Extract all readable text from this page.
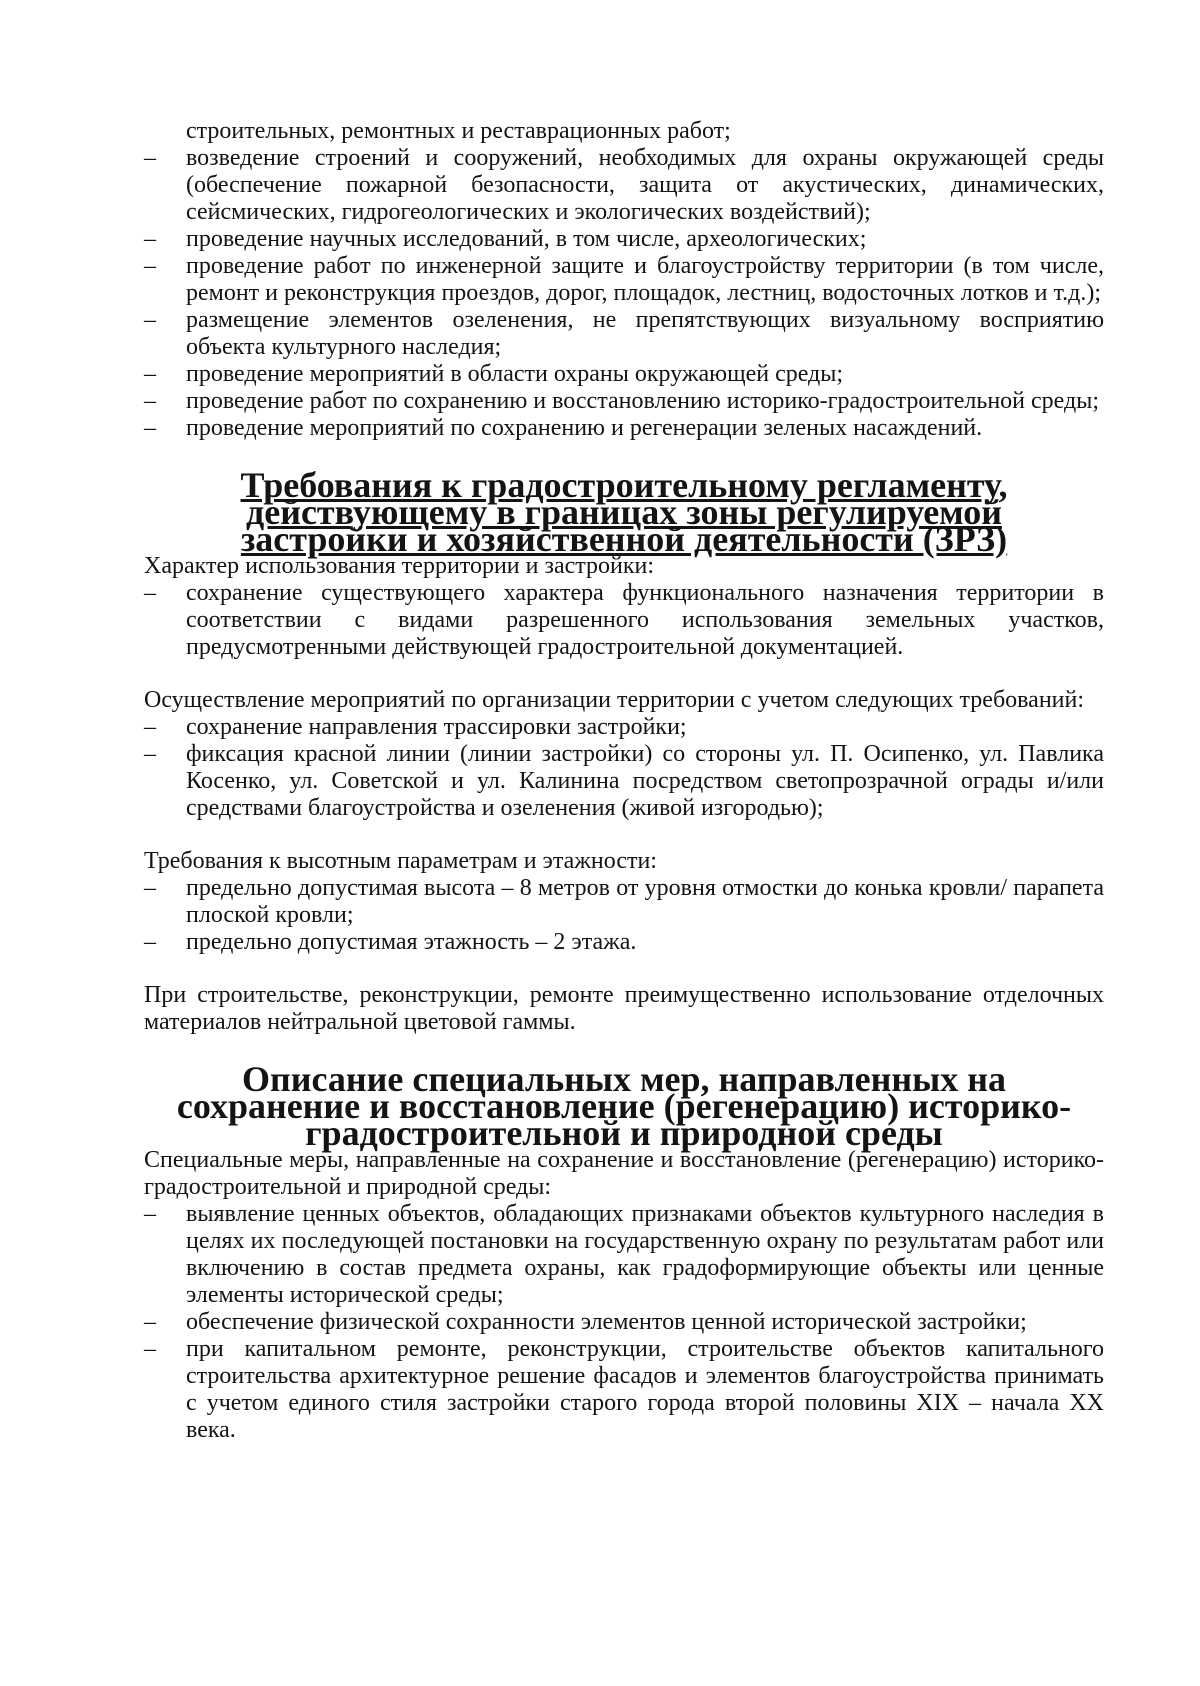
строительных, ремонтных и реставрационных работ;
– возведение строений и сооружений, необходимых для охраны окружающей среды (обеспечение пожарной безопасности, защита от акустических, динамических, сейсмических, гидрогеологических и экологических воздействий);
– проведение научных исследований, в том числе, археологических;
– проведение работ по инженерной защите и благоустройству территории (в том числе, ремонт и реконструкция проездов, дорог, площадок, лестниц, водосточных лотков и т.д.);
– размещение элементов озеленения, не препятствующих визуальному восприятию объекта культурного наследия;
– проведение мероприятий в области охраны окружающей среды;
– проведение работ по сохранению и восстановлению историко-градостроительной среды;
– проведение мероприятий по сохранению и регенерации зеленых насаждений.
Требования к градостроительному регламенту, действующему в границах зоны регулируемой застройки и хозяйственной деятельности (ЗРЗ)

Характер использования территории и застройки:

– сохранение существующего характера функционального назначения территории в соответствии с видами разрешенного использования земельных участков, предусмотренными действующей градостроительной документацией.

Осуществление мероприятий по организации территории с учетом следующих требований:

– сохранение направления трассировки застройки;
– фиксация красной линии (линии застройки) со стороны ул. П. Осипенко, ул. Павлика Косенко, ул. Советской и ул. Калинина посредством светопрозрачной ограды и/или средствами благоустройства и озеленения (живой изгородью);

Требования к высотным параметрам и этажности:

– предельно допустимая высота – 8 метров от уровня отмостки до конька кровли/ парапета плоской кровли;
– предельно допустимая этажность – 2 этажа.

При строительстве, реконструкции, ремонте преимущественно использование отделочных материалов нейтральной цветовой гаммы.

Описание специальных мер, направленных на сохранение и восстановление (регенерацию) историко-градостроительной и природной среды

Специальные меры, направленные на сохранение и восстановление (регенерацию) историко-градостроительной и природной среды:

– выявление ценных объектов, обладающих признаками объектов культурного наследия в целях их последующей постановки на государственную охрану по результатам работ или включению в состав предмета охраны, как градоформирующие объекты или ценные элементы исторической среды;
– обеспечение физической сохранности элементов ценной исторической застройки;
– при капитальном ремонте, реконструкции, строительстве объектов капитального строительства архитектурное решение фасадов и элементов благоустройства принимать с учетом единого стиля застройки старого города второй половины XIX – начала XX века.
